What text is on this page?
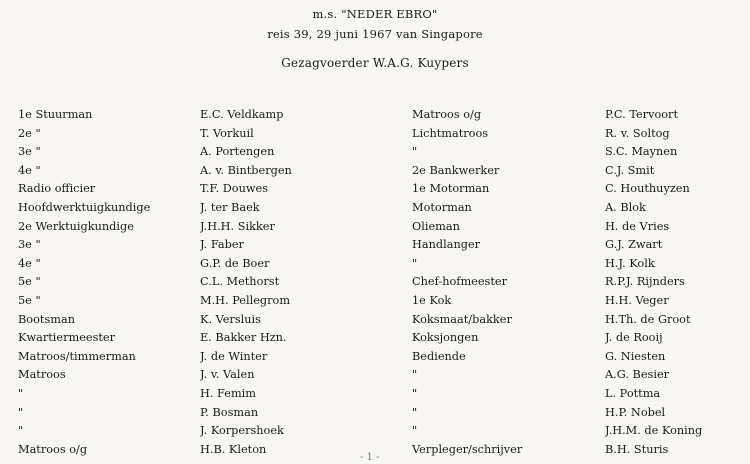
m.s. "NEDER EBRO"
reis 39, 29 juni 1967 van Singapore
Gezagvoerder W.A.G. Kuypers
1e Stuurman
2e "
3e "
4e "
Radio officier
Hoofdwerktuigkundige
2e Werktuigkundige
3e "
4e "
5e "
5e "
Bootsman
Kwartiermeester
Matroos/timmerman
Matroos
"
"
"
Matroos o/g
E.C. Veldkamp
T. Vorkuil
A. Portengen
A. v. Bintbergen
T.F. Douwes
J. ter Baek
J.H.H. Sikker
J. Faber
G.P. de Boer
C.L. Methorst
M.H. Pellegrom
K. Versluis
E. Bakker Hzn.
J. de Winter
J. v. Valen
H. Femim
P. Bosman
J. Korpershoek
H.B. Kleton
Matroos o/g
Lichtmatroos
"
2e Bankwerker
1e Motorman
Motorman
Olieman
Handlanger
"
Chef-hofmeester
1e Kok
Koksmaat/bakker
Koksjongen
Bediende
"
"
"
"
Verpleger/schrijver
P.C. Tervoort
R. v. Soltog
S.C. Maynen
C.J. Smit
C. Houthuyzen
A. Blok
H. de Vries
G.J. Zwart
H.J. Kolk
R.P.J. Rijnders
H.H. Veger
H.Th. de Groot
J. de Rooij
G. Niesten
A.G. Besier
L. Pottma
H.P. Nobel
J.H.M. de Koning
B.H. Sturis
- 1 -
